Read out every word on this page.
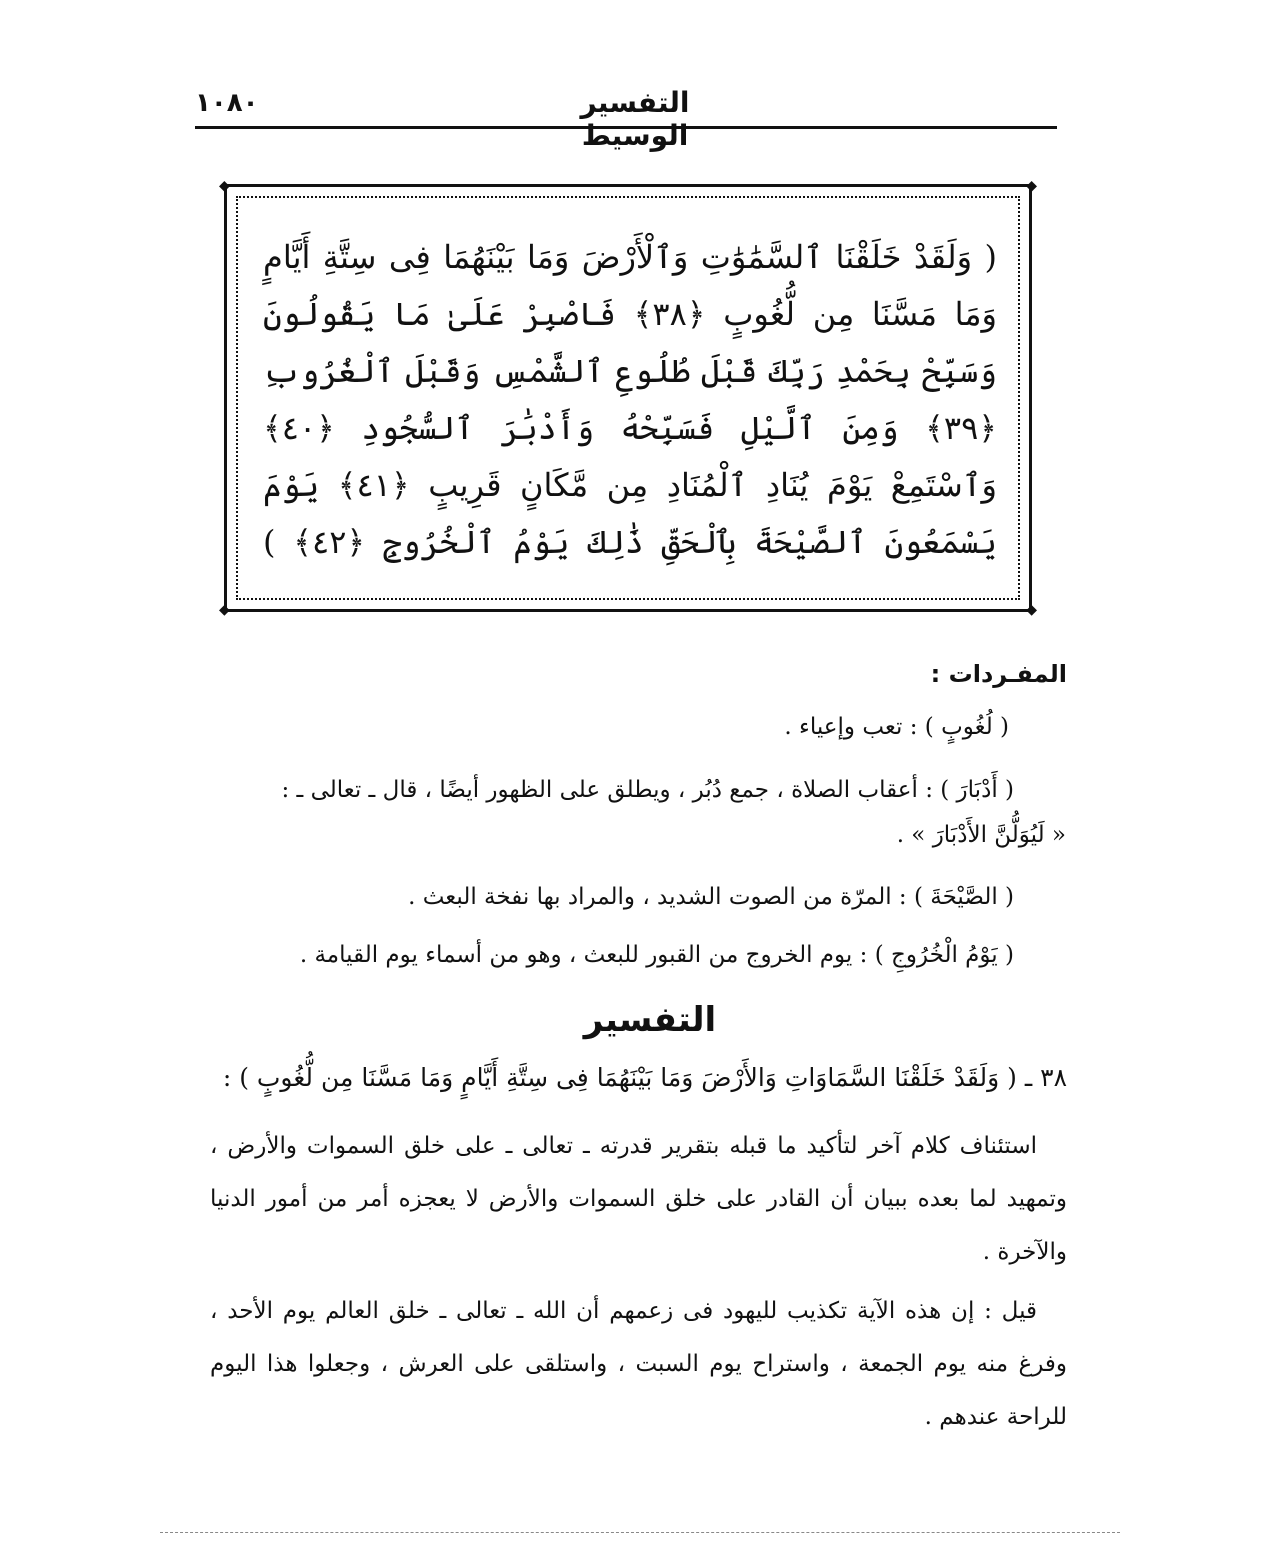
١٠٨٠	التفسير الوسيط
◆	◆
◆	◆
( وَلَقَدْ خَلَقْنَا ٱلسَّمَٰوَٰتِ وَٱلْأَرْضَ وَمَا بَيْنَهُمَا فِى سِتَّةِ أَيَّامٍ وَمَا مَسَّنَا مِن لُّغُوبٍ ﴿٣٨﴾ فَاصْبِرْ عَلَىٰ مَا يَقُولُونَ وَسَبِّحْ بِحَمْدِ رَبِّكَ قَبْلَ طُلُوعِ ٱلشَّمْسِ وَقَبْلَ ٱلْغُرُوبِ ﴿٣٩﴾ وَمِنَ ٱلَّيْلِ فَسَبِّحْهُ وَأَدْبَٰرَ ٱلسُّجُودِ ﴿٤٠﴾ وَٱسْتَمِعْ يَوْمَ يُنَادِ ٱلْمُنَادِ مِن مَّكَانٍ قَرِيبٍ ﴿٤١﴾ يَوْمَ يَسْمَعُونَ ٱلصَّيْحَةَ بِٱلْحَقِّ ذَٰلِكَ يَوْمُ ٱلْخُرُوجِ ﴿٤٢﴾ )
المفـردات :
( لُغُوبٍ ) : تعب وإعياء .
( أَدْبَارَ ) : أعقاب الصلاة ، جمع دُبُر ، ويطلق على الظهور أيضًا ، قال ـ تعالى ـ :
« لَيُوَلُّنَّ الأَدْبَارَ » .
( الصَّيْحَةَ ) : المرّة من الصوت الشديد ، والمراد بها نفخة البعث .
( يَوْمُ الْخُرُوجِ ) : يوم الخروج من القبور للبعث ، وهو من أسماء يوم القيامة .
التفسير
٣٨ ـ ( وَلَقَدْ خَلَقْنَا السَّمَاوَاتِ وَالأَرْضَ وَمَا بَيْنَهُمَا فِى سِتَّةِ أَيَّامٍ وَمَا مَسَّنَا مِن لُّغُوبٍ ) :
استئناف كلام آخر لتأكيد ما قبله بتقرير قدرته ـ تعالى ـ على خلق السموات والأرض ، وتمهيد لما بعده ببيان أن القادر على خلق السموات والأرض لا يعجزه أمر من أمور الدنيا والآخرة .
قيل : إن هذه الآية تكذيب لليهود فى زعمهم أن الله ـ تعالى ـ خلق العالم يوم الأحد ، وفرغ منه يوم الجمعة ، واستراح يوم السبت ، واستلقى على العرش ، وجعلوا هذا اليوم للراحة عندهم .
